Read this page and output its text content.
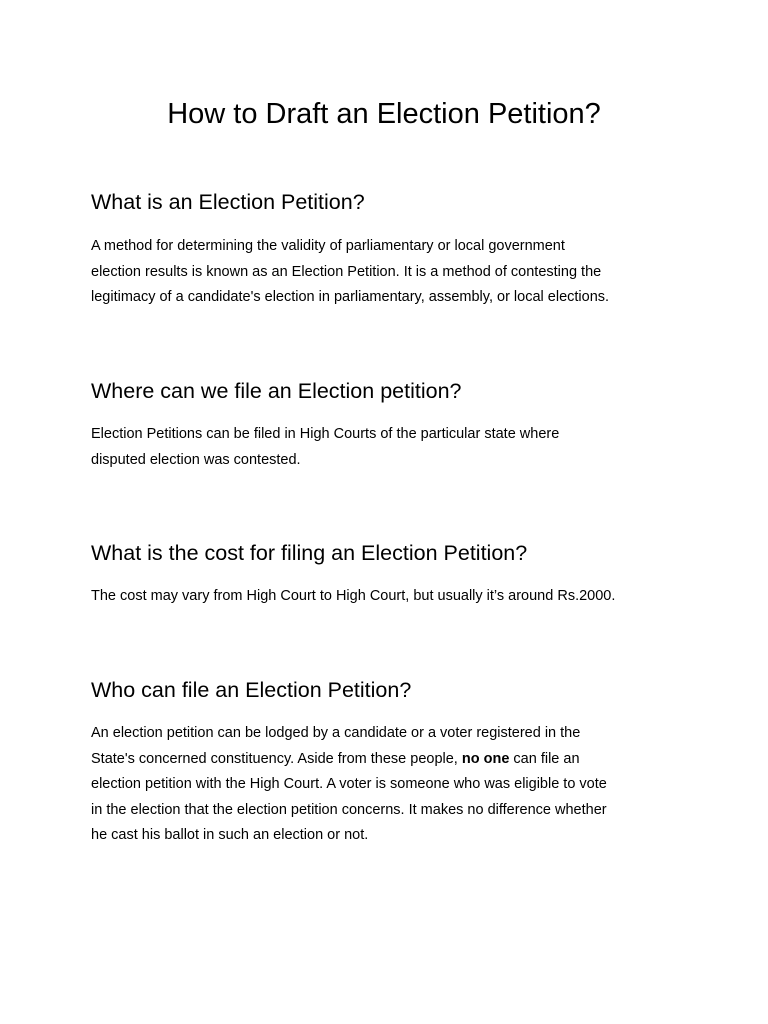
How to Draft an Election Petition?
What is an Election Petition?
A method for determining the validity of parliamentary or local government
election results is known as an Election Petition. It is a method of contesting the
legitimacy of a candidate's election in parliamentary, assembly, or local elections.
Where can we file an Election petition?
Election Petitions can be filed in High Courts of the particular state where
disputed election was contested.
What is the cost for filing an Election Petition?
The cost may vary from High Court to High Court, but usually it’s around Rs.2000.
Who can file an Election Petition?
An election petition can be lodged by a candidate or a voter registered in the
State's concerned constituency. Aside from these people, no one can file an
election petition with the High Court. A voter is someone who was eligible to vote
in the election that the election petition concerns. It makes no difference whether
he cast his ballot in such an election or not.
